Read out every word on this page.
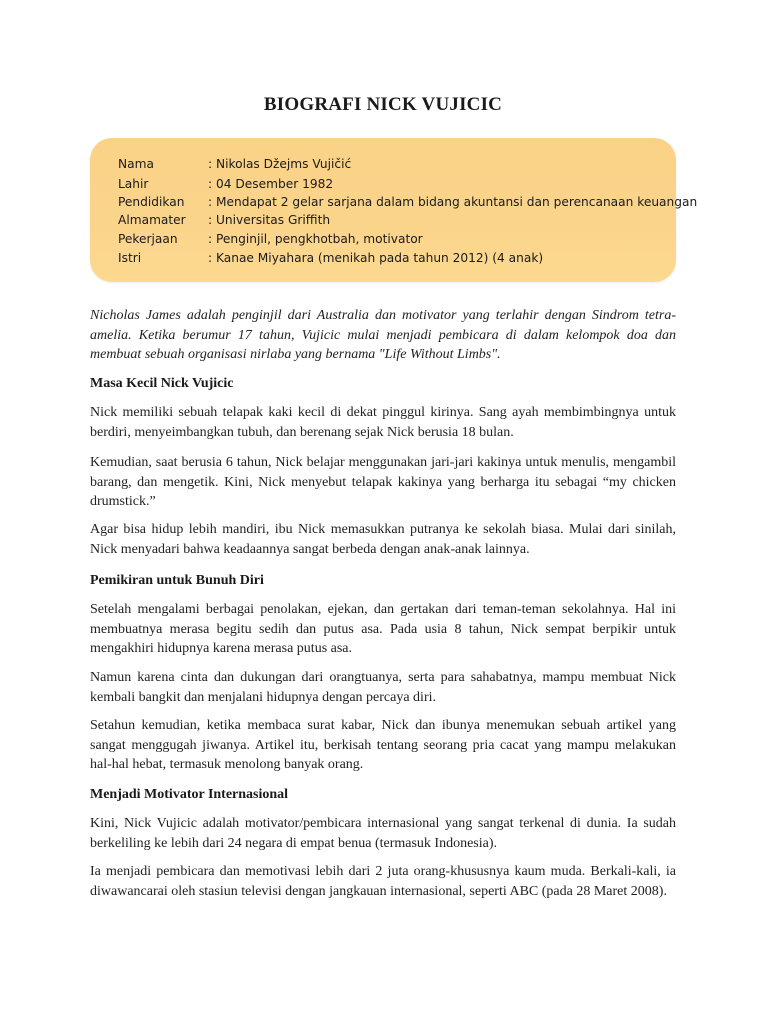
BIOGRAFI NICK VUJICIC
Nama	: Nikolas Džejms Vujičić
Lahir	: 04 Desember 1982
Pendidikan	: Mendapat 2 gelar sarjana dalam bidang akuntansi dan perencanaan keuangan
Almamater	: Universitas Griffith
Pekerjaan	: Penginjil, pengkhotbah, motivator
Istri	: Kanae Miyahara (menikah pada tahun 2012) (4 anak)

Nicholas James adalah penginjil dari Australia dan motivator yang terlahir dengan Sindrom tetra-amelia. Ketika berumur 17 tahun, Vujicic mulai menjadi pembicara di dalam kelompok doa dan membuat sebuah organisasi nirlaba yang bernama "Life Without Limbs".

Masa Kecil Nick Vujicic

Nick memiliki sebuah telapak kaki kecil di dekat pinggul kirinya. Sang ayah membimbingnya untuk berdiri, menyeimbangkan tubuh, dan berenang sejak Nick berusia 18 bulan.

Kemudian, saat berusia 6 tahun, Nick belajar menggunakan jari-jari kakinya untuk menulis, mengambil barang, dan mengetik. Kini, Nick menyebut telapak kakinya yang berharga itu sebagai “my chicken drumstick.”

Agar bisa hidup lebih mandiri, ibu Nick memasukkan putranya ke sekolah biasa. Mulai dari sinilah, Nick menyadari bahwa keadaannya sangat berbeda dengan anak-anak lainnya.

Pemikiran untuk Bunuh Diri

Setelah mengalami berbagai penolakan, ejekan, dan gertakan dari teman-teman sekolahnya. Hal ini membuatnya merasa begitu sedih dan putus asa. Pada usia 8 tahun, Nick sempat berpikir untuk mengakhiri hidupnya karena merasa putus asa.

Namun karena cinta dan dukungan dari orangtuanya, serta para sahabatnya, mampu membuat Nick kembali bangkit dan menjalani hidupnya dengan percaya diri.

Setahun kemudian, ketika membaca surat kabar, Nick dan ibunya menemukan sebuah artikel yang sangat menggugah jiwanya. Artikel itu, berkisah tentang seorang pria cacat yang mampu melakukan hal-hal hebat, termasuk menolong banyak orang.

Menjadi Motivator Internasional

Kini, Nick Vujicic adalah motivator/pembicara internasional yang sangat terkenal di dunia. Ia sudah berkeliling ke lebih dari 24 negara di empat benua (termasuk Indonesia).

Ia menjadi pembicara dan memotivasi lebih dari 2 juta orang-khususnya kaum muda. Berkali-kali, ia diwawancarai oleh stasiun televisi dengan jangkauan internasional, seperti ABC (pada 28 Maret 2008).
